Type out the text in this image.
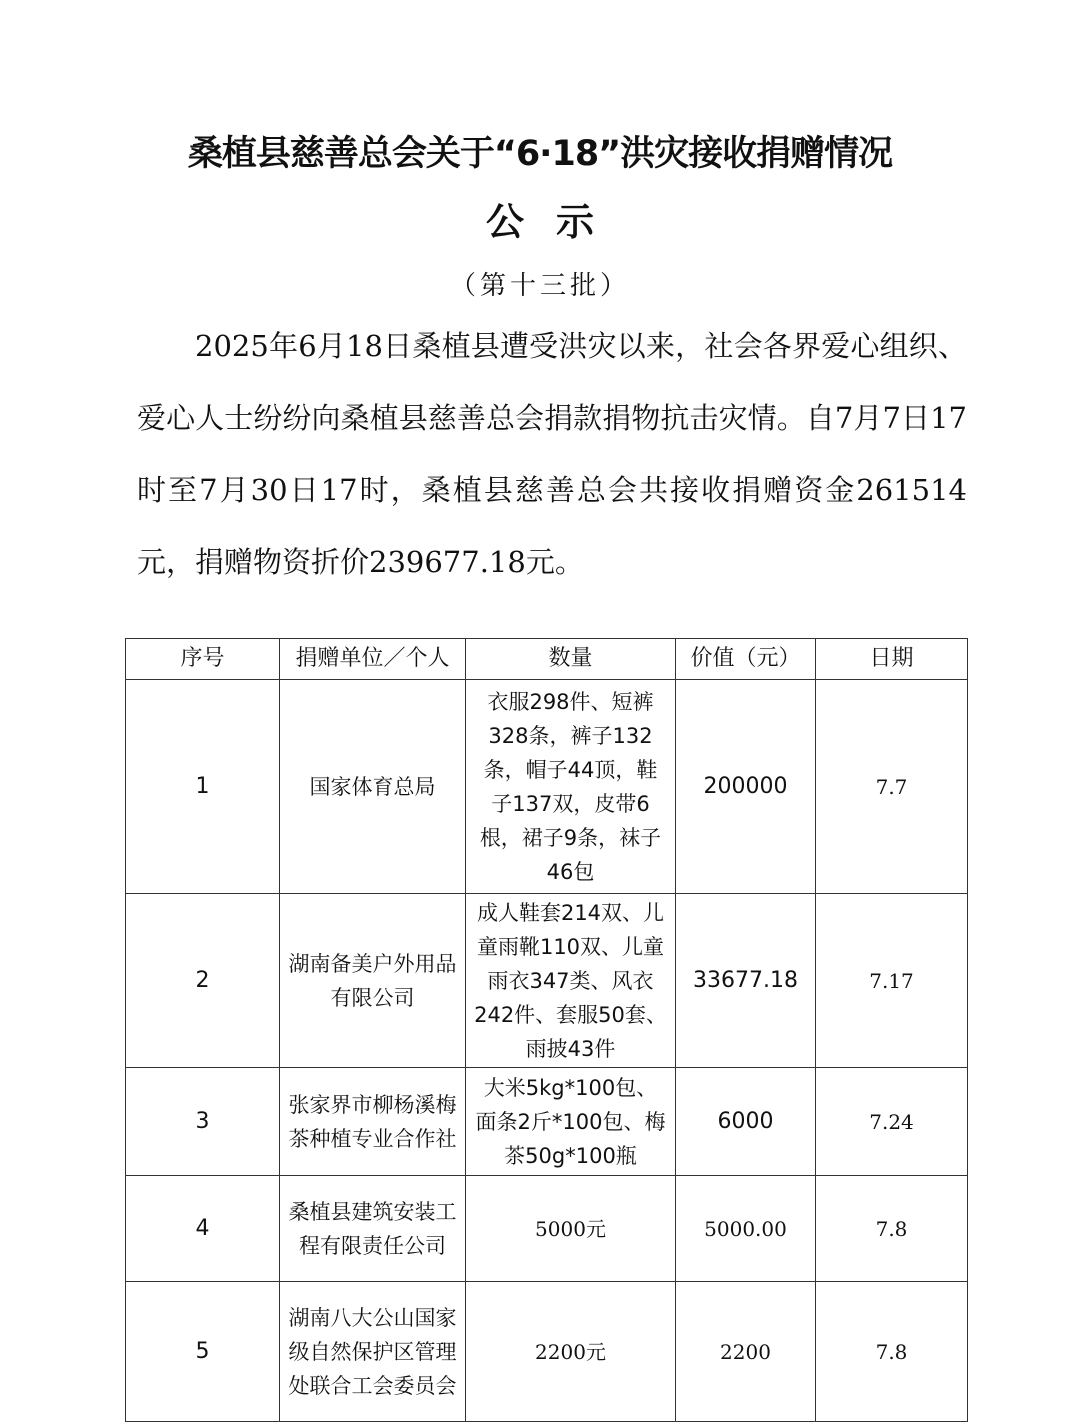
桑植县慈善总会关于“6·18”洪灾接收捐赠情况
公示
（第十三批）

2025年6月18日桑植县遭受洪灾以来，社会各界爱心组织、爱心人士纷纷向桑植县慈善总会捐款捐物抗击灾情。自7月7日17时至7月30日17时，桑植县慈善总会共接收捐赠资金261514元，捐赠物资折价239677.18元。

序号	捐赠单位／个人	数量	价值（元）	日期
1	国家体育总局	衣服298件、短裤328条，裤子132条，帽子44顶，鞋子137双，皮带6根，裙子9条，袜子46包	200000	7.7
2	湖南备美户外用品有限公司	成人鞋套214双、儿童雨靴110双、儿童雨衣347类、风衣242件、套服50套、雨披43件	33677.18	7.17
3	张家界市柳杨溪梅茶种植专业合作社	大米5kg*100包、面条2斤*100包、梅茶50g*100瓶	6000	7.24
4	桑植县建筑安装工程有限责任公司	5000元	5000.00	7.8
5	湖南八大公山国家级自然保护区管理处联合工会委员会	2200元	2200	7.8
